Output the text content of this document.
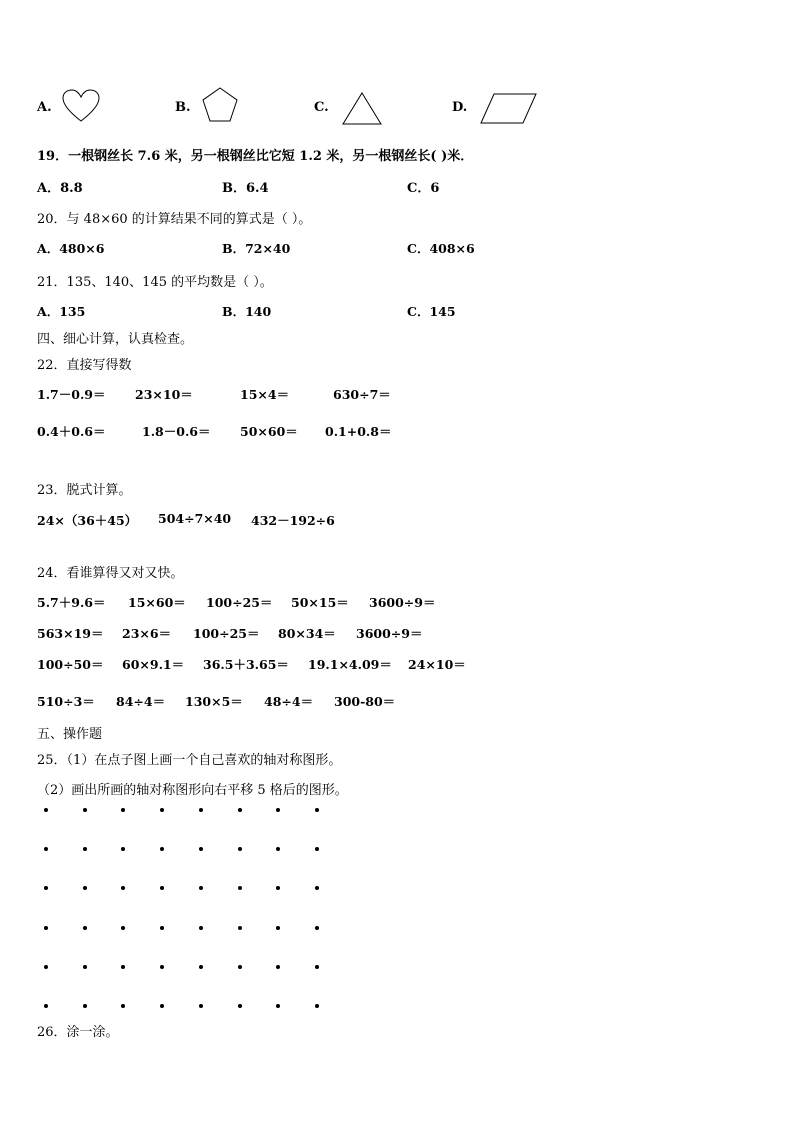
A.	B.	C.	D.
19．一根钢丝长 7.6 米，另一根钢丝比它短 1.2 米，另一根钢丝长( )米．
A．8.8	B．6.4	C．6
20．与 48×60 的计算结果不同的算式是（ ）。
A．480×6	B．72×40	C．408×6
21．135、140、145 的平均数是（ ）。
A．135	B．140	C．145
四、细心计算，认真检查。
22．直接写得数
1.7－0.9＝ 23×10＝	15×4＝	630÷7＝
0.4＋0.6＝	1.8－0.6＝ 50×60＝ 0.1+0.8＝
23．脱式计算。
24×（36＋45） 504÷7×40 432－192÷6
24．看谁算得又对又快。
5.7＋9.6＝ 15×60＝ 100÷25＝ 50×15＝ 3600÷9＝
563×19＝ 23×6＝ 100÷25＝ 80×34＝ 3600÷9＝
100÷50＝ 60×9.1＝ 36.5＋3.65＝ 19.1×4.09＝ 24×10＝
510÷3＝ 84÷4＝ 130×5＝ 48÷4＝ 300-80＝
五、操作题
25．（1）在点子图上画一个自己喜欢的轴对称图形。
（2）画出所画的轴对称图形向右平移 5 格后的图形。
26．涂一涂。
